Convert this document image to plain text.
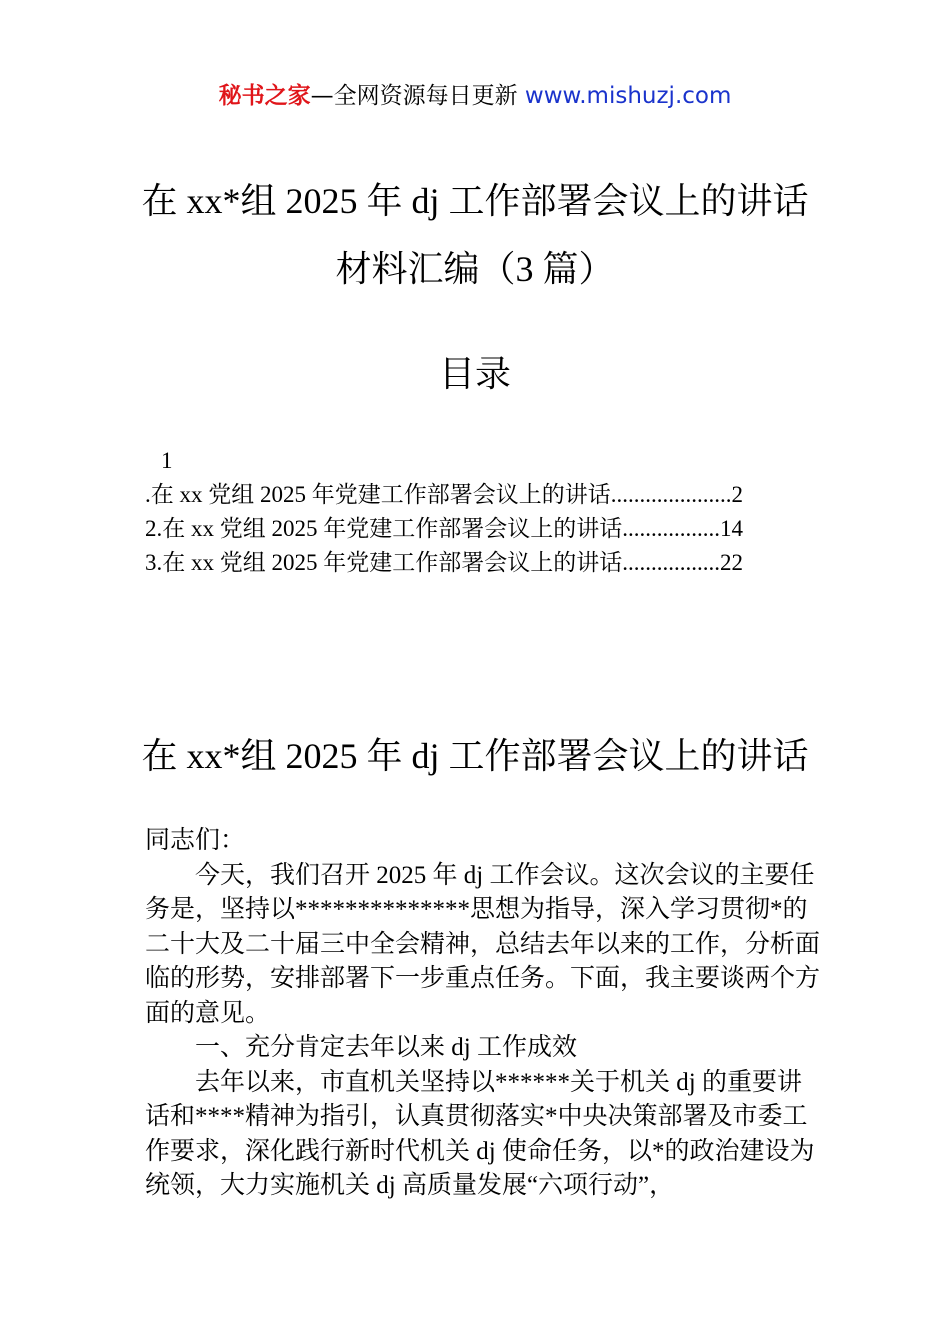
秘书之家—全网资源每日更新 www.mishuzj.com
在 xx*组 2025 年 dj 工作部署会议上的讲话
材料汇编（3 篇）
目录
1
.在 xx 党组 2025 年党建工作部署会议上的讲话.....................2
2.在 xx 党组 2025 年党建工作部署会议上的讲话.................14
3.在 xx 党组 2025 年党建工作部署会议上的讲话.................22
在 xx*组 2025 年 dj 工作部署会议上的讲话

同志们：

今天，我们召开 2025 年 dj 工作会议。这次会议的主要任务是，坚持以**************思想为指导，深入学习贯彻*的二十大及二十届三中全会精神，总结去年以来的工作，分析面临的形势，安排部署下一步重点任务。下面，我主要谈两个方面的意见。

一、充分肯定去年以来 dj 工作成效

去年以来，市直机关坚持以******关于机关 dj 的重要讲话和****精神为指引，认真贯彻落实*中央决策部署及市委工作要求，深化践行新时代机关 dj 使命任务，以*的政治建设为统领，大力实施机关 dj 高质量发展“六项行动”，
